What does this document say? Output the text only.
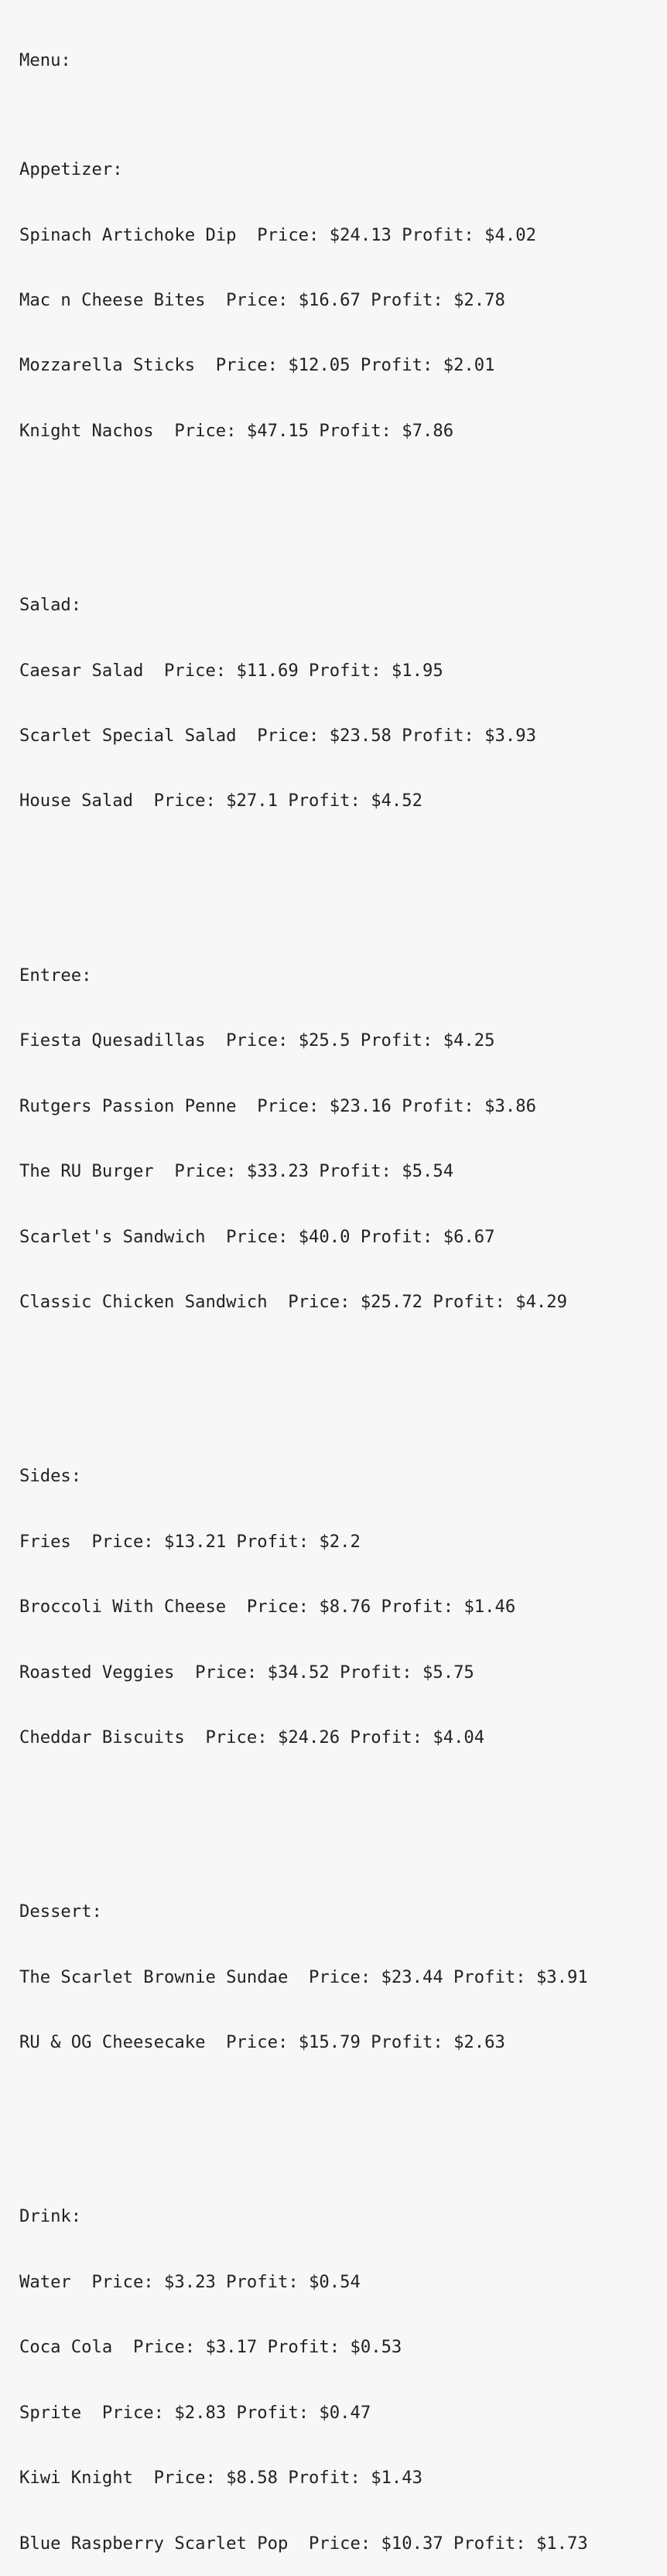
Menu:

Appetizer:

Spinach Artichoke Dip  Price: $24.13 Profit: $4.02

Mac n Cheese Bites  Price: $16.67 Profit: $2.78

Mozzarella Sticks  Price: $12.05 Profit: $2.01

Knight Nachos  Price: $47.15 Profit: $7.86

Salad:

Caesar Salad  Price: $11.69 Profit: $1.95

Scarlet Special Salad  Price: $23.58 Profit: $3.93

House Salad  Price: $27.1 Profit: $4.52

Entree:

Fiesta Quesadillas  Price: $25.5 Profit: $4.25

Rutgers Passion Penne  Price: $23.16 Profit: $3.86

The RU Burger  Price: $33.23 Profit: $5.54

Scarlet's Sandwich  Price: $40.0 Profit: $6.67

Classic Chicken Sandwich  Price: $25.72 Profit: $4.29

Sides:

Fries  Price: $13.21 Profit: $2.2

Broccoli With Cheese  Price: $8.76 Profit: $1.46

Roasted Veggies  Price: $34.52 Profit: $5.75

Cheddar Biscuits  Price: $24.26 Profit: $4.04

Dessert:

The Scarlet Brownie Sundae  Price: $23.44 Profit: $3.91

RU & OG Cheesecake  Price: $15.79 Profit: $2.63

Drink:

Water  Price: $3.23 Profit: $0.54

Coca Cola  Price: $3.17 Profit: $0.53

Sprite  Price: $2.83 Profit: $0.47

Kiwi Knight  Price: $8.58 Profit: $1.43

Blue Raspberry Scarlet Pop  Price: $10.37 Profit: $1.73
